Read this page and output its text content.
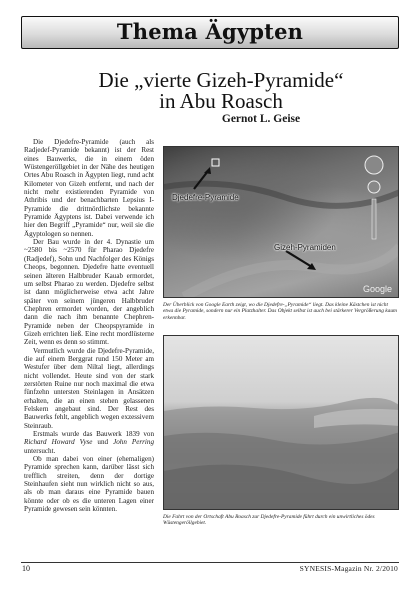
Thema Ägypten
Die „vierte Gizeh-Pyramide“
in Abu Roasch
Gernot L. Geise

Die Djedefre-Pyramide (auch als Radjedef-Pyramide bekannt) ist der Rest eines Bauwerks, die in einem öden Wüstengeröllgebiet in der Nähe des heutigen Ortes Abu Roasch in Ägypten liegt, rund acht Kilometer von Gizeh entfernt, und nach der nicht mehr existierenden Pyramide von Athribis und der benachbarten Lepsius I-Pyramide die drittnördlichste bekannte Pyramide Ägyptens ist. Dabei verwende ich hier den Begriff „Pyramide“ nur, weil sie die Ägyptologen so nennen.

Der Bau wurde in der 4. Dynastie um ~2580 bis ~2570 für Pharao Djedefre (Radjedef), Sohn und Nachfolger des Königs Cheops, begonnen. Djedefre hatte eventuell seinen älteren Halbbruder Kauab ermordet, um selbst Pharao zu werden. Djedefre selbst ist dann möglicherweise etwa acht Jahre später von seinem jüngeren Halbbruder Chephren ermordet worden, der angeblich dann die nach ihm benannte Chephren-Pyramide neben der Cheopspyramide in Gizeh errichten ließ. Eine recht mordlüsterne Zeit, wenn es denn so stimmt.

Vermutlich wurde die Djedefre-Pyramide, die auf einem Berggrat rund 150 Meter am Westufer über dem Niltal liegt, allerdings nicht vollendet. Heute sind von der stark zerstörten Ruine nur noch maximal die etwa fünfzehn untersten Steinlagen in Ansätzen erhalten, die an einen stehen gelassenen Felskern angebaut sind. Der Rest des Bauwerks fehlt, angeblich wegen exzessivem Steinraub.

Erstmals wurde das Bauwerk 1839 von Richard Howard Vyse und John Perring untersucht.

Ob man dabei von einer (ehemaligen) Pyramide sprechen kann, darüber lässt sich trefflich streiten, denn der dortige Steinhaufen sieht nun wirklich nicht so aus, als ob man daraus eine Pyramide bauen könnte oder ob es die unteren Lagen einer Pyramide gewesen sein könnten.

Djedefre-Pyramide
Gizeh-Pyramiden
Google
Der Überblick von Google Earth zeigt, wo die Djedefre-„Pyramide“ liegt. Das kleine Kästchen ist nicht etwa die Pyramide, sondern nur ein Platzhalter. Das Objekt selbst ist auch bei stärkerer Vergrößerung kaum erkennbar.
Die Fahrt von der Ortschaft Abu Roasch zur Djedefre-Pyramide führt durch ein unwirtliches ödes Wüstengeröllgebiet.
10	SYNESIS-Magazin Nr. 2/2010
